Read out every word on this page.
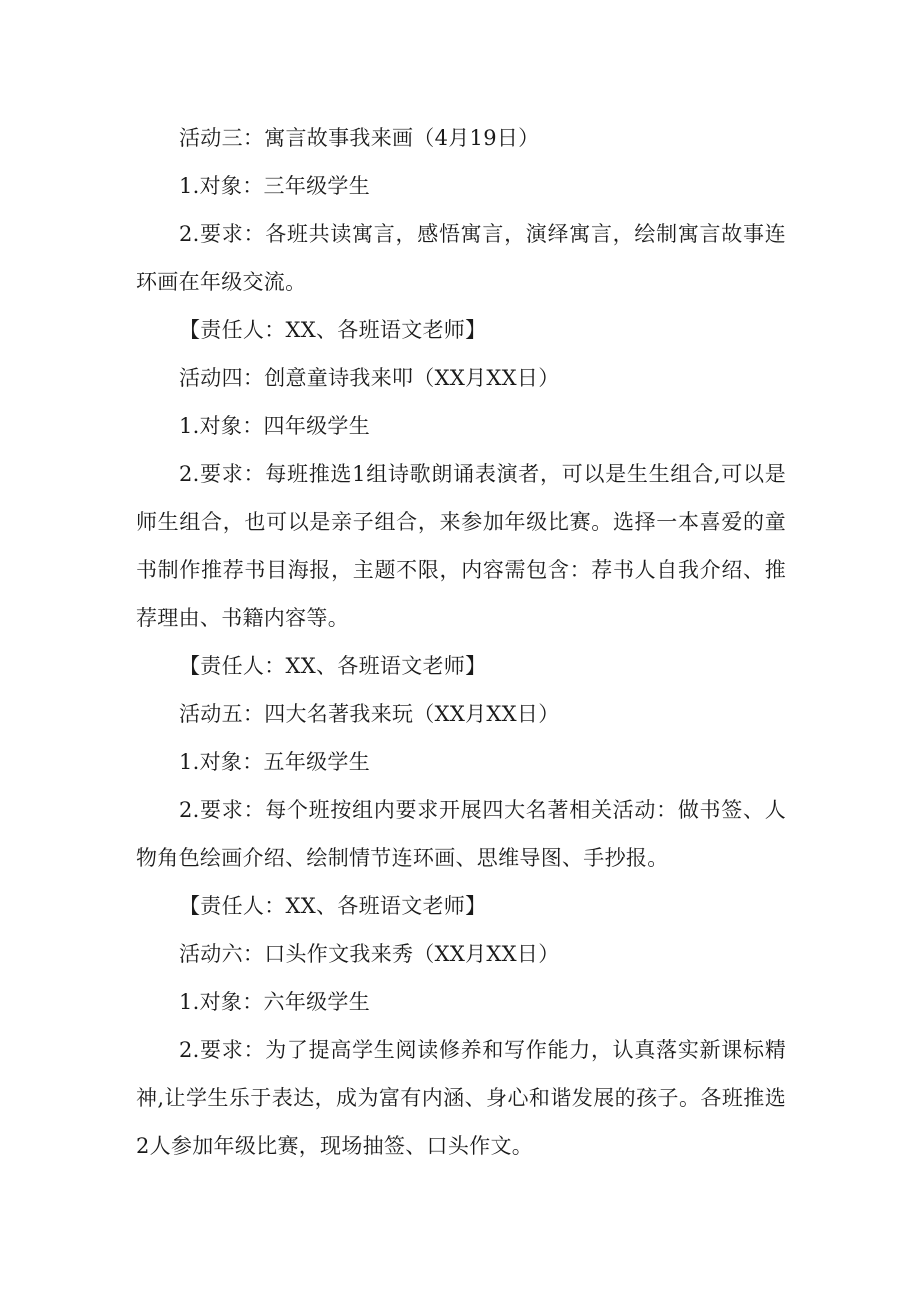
活动三：寓言故事我来画（4月19日）

1.对象：三年级学生

2.要求：各班共读寓言，感悟寓言，演绎寓言，绘制寓言故事连环画在年级交流。

【责任人：XX、各班语文老师】

活动四：创意童诗我来叩（XX月XX日）

1.对象：四年级学生

2.要求：每班推选1组诗歌朗诵表演者，可以是生生组合,可以是师生组合，也可以是亲子组合，来参加年级比赛。选择一本喜爱的童书制作推荐书目海报，主题不限，内容需包含：荐书人自我介绍、推荐理由、书籍内容等。

【责任人：XX、各班语文老师】

活动五：四大名著我来玩（XX月XX日）

1.对象：五年级学生

2.要求：每个班按组内要求开展四大名著相关活动：做书签、人物角色绘画介绍、绘制情节连环画、思维导图、手抄报。

【责任人：XX、各班语文老师】

活动六：口头作文我来秀（XX月XX日）

1.对象：六年级学生

2.要求：为了提高学生阅读修养和写作能力，认真落实新课标精神,让学生乐于表达，成为富有内涵、身心和谐发展的孩子。各班推选2人参加年级比赛，现场抽签、口头作文。
